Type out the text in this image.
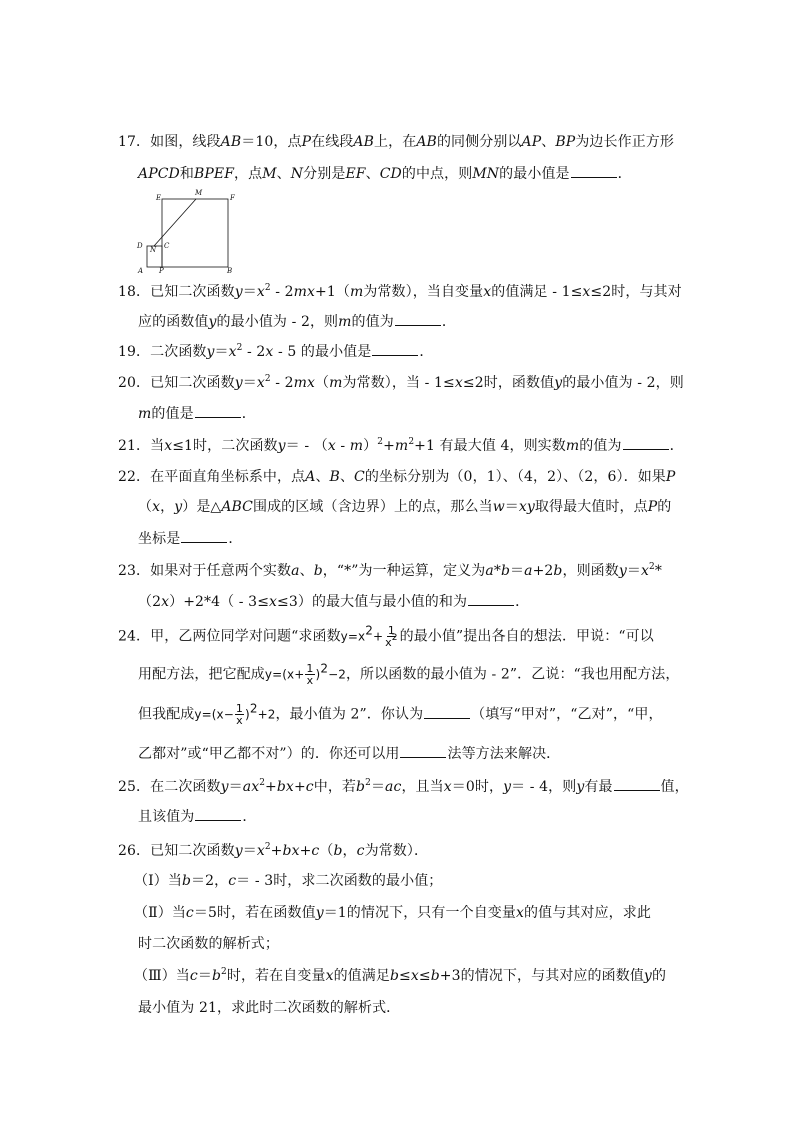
17．如图，线段AB＝10，点P在线段AB上，在AB的同侧分别以AP、BP为边长作正方形
APCD和BPEF，点M、N分别是EF、CD的中点，则MN的最小值是	．
E
M
F
D N C
A P	B
18．已知二次函数$y=x^2 - 2mx+1(m$为常数），当自变量x的值满足 - 1≤x≤2时，与其对
应的函数值y的最小值为 - 2，则m的值为	．
19．二次函数$y=x^2 - 2x - 5$ 的最小值是	．
20．已知二次函数$y=x^2 - 2mx(m$为常数），当 - 1≤x≤2时，函数值y的最小值为 - 2，则
m的值是	．
21．当x≤1时，二次函数$y= - (x - m)^2+m^2+1$ 有最大值 4，则实数m的值为	．
22．在平面直角坐标系中，点A、B、C的坐标分别为（0，1）、（4，2）、（2，6）．如果P
（x，y）是△ABC围成的区域（含边界）上的点，那么当w＝xy取得最大值时，点P的
坐标是	．
23．如果对于任意两个实数a、b，“*”为一种运算，定义为a*b＝a+2b，则函数$y=x^2*$
（2x）+2*4（ - 3≤x≤3）的最大值与最小值的和为	．
24．甲，乙两位同学对问题“求函数$y=x^2+ \frac{1}{x^2}$ 的最小值”提出各自的想法．甲说：“可以
用配方法，把它配成$y=(x+ \frac{1}{x} )^2-2$，所以函数的最小值为 - 2”．乙说：“我也用配方法，
但我配成$y=(x- \frac{1}{x} )^2+2$，最小值为 2”．你认为	（填写“甲对”，“乙对”，“甲，
乙都对”或“甲乙都不对”）的．你还可以用	法等方法来解决．
25．在二次函数$y=ax^2+bx+c$中，若$b^2=ac$，且当x＝0时，y＝ - 4，则y有最	值，
且该值为	．
26．已知二次函数$y=x^2+bx+c(b$，c为常数）．
（Ⅰ）当b＝2，c＝ - 3时，求二次函数的最小值；
（Ⅱ）当c＝5时，若在函数值y＝1的情况下，只有一个自变量x的值与其对应，求此
时二次函数的解析式；
（Ⅲ）当$c=b^2$时，若在自变量x的值满足b≤x≤b+3的情况下，与其对应的函数值y的
最小值为 21，求此时二次函数的解析式．
